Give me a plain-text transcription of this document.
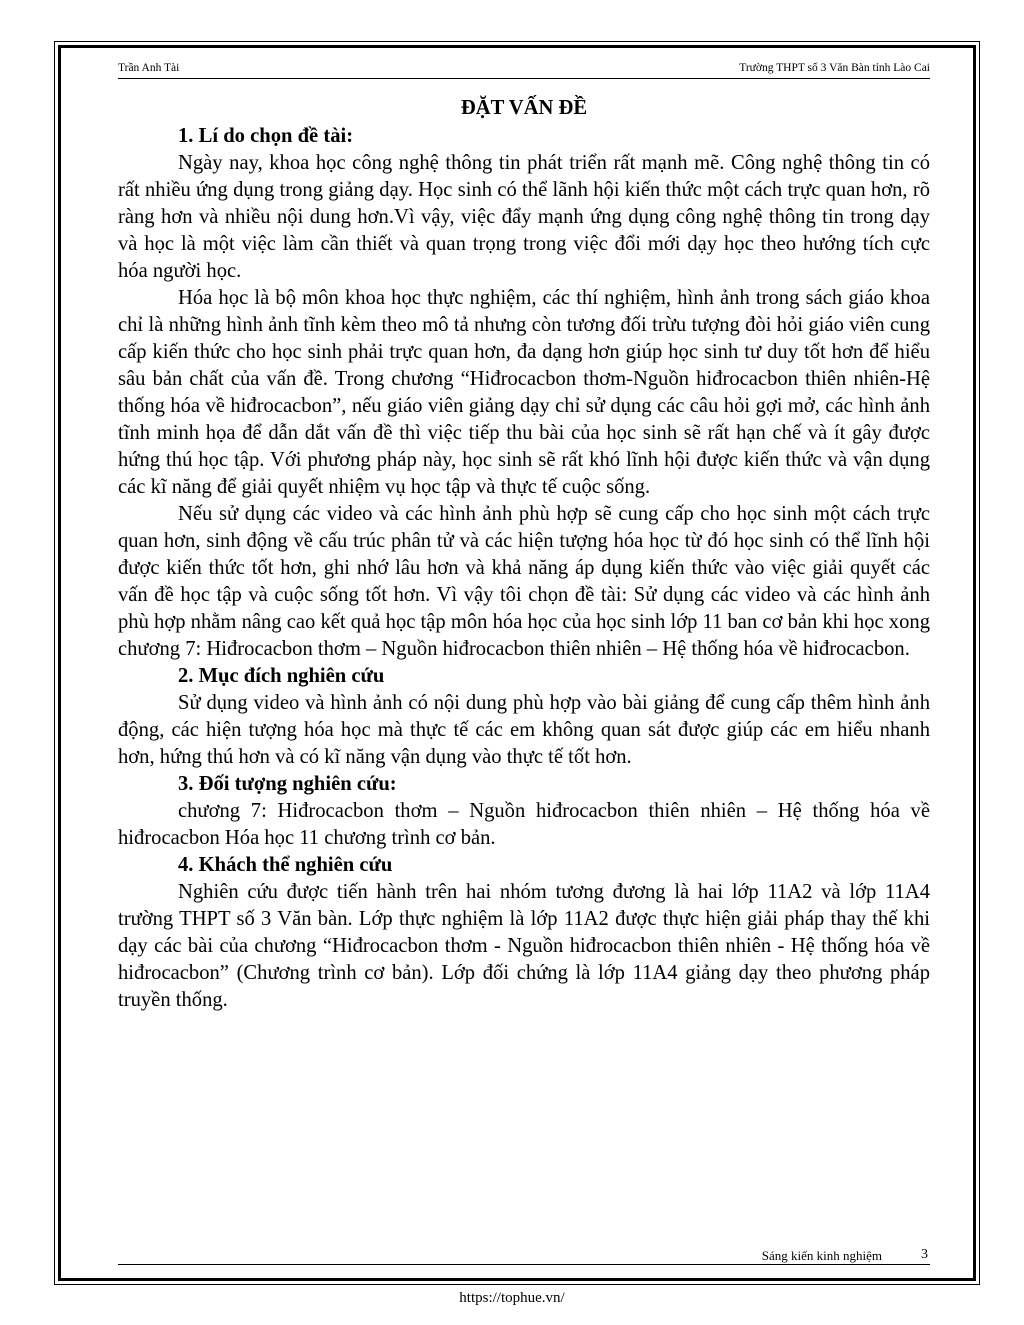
Trần Anh Tài	Trường THPT số 3 Văn Bàn tỉnh Lào Cai
ĐẶT VẤN ĐỀ
1. Lí do chọn đề tài:

Ngày nay, khoa học công nghệ thông tin phát triển rất mạnh mẽ. Công nghệ thông tin có rất nhiều ứng dụng trong giảng dạy. Học sinh có thể lãnh hội kiến thức một cách trực quan hơn, rõ ràng hơn và nhiều nội dung hơn.Vì vậy, việc đẩy mạnh ứng dụng công nghệ thông tin trong dạy và học là một việc làm cần thiết và quan trọng trong việc đổi mới dạy học theo hướng tích cực hóa người học.

Hóa học là bộ môn khoa học thực nghiệm, các thí nghiệm, hình ảnh trong sách giáo khoa chỉ là những hình ảnh tĩnh kèm theo mô tả nhưng còn tương đối trừu tượng đòi hỏi giáo viên cung cấp kiến thức cho học sinh phải trực quan hơn, đa dạng hơn giúp học sinh tư duy tốt hơn để hiểu sâu bản chất của vấn đề. Trong chương “Hiđrocacbon thơm-Nguồn hiđrocacbon thiên nhiên-Hệ thống hóa về hiđrocacbon”, nếu giáo viên giảng dạy chỉ sử dụng các câu hỏi gợi mở, các hình ảnh tĩnh minh họa để dẫn dắt vấn đề thì việc tiếp thu bài của học sinh sẽ rất hạn chế và ít gây được hứng thú học tập. Với phương pháp này, học sinh sẽ rất khó lĩnh hội được kiến thức và vận dụng các kĩ năng để giải quyết nhiệm vụ học tập và thực tế cuộc sống.

Nếu sử dụng các video và các hình ảnh phù hợp sẽ cung cấp cho học sinh một cách trực quan hơn, sinh động về cấu trúc phân tử và các hiện tượng hóa học từ đó học sinh có thể lĩnh hội được kiến thức tốt hơn, ghi nhớ lâu hơn và khả năng áp dụng kiến thức vào việc giải quyết các vấn đề học tập và cuộc sống tốt hơn. Vì vậy tôi chọn đề tài: Sử dụng các video và các hình ảnh phù hợp nhằm nâng cao kết quả học tập môn hóa học của học sinh lớp 11 ban cơ bản khi học xong chương 7: Hiđrocacbon thơm – Nguồn hiđrocacbon thiên nhiên – Hệ thống hóa về hiđrocacbon.

2. Mục đích nghiên cứu

Sử dụng video và hình ảnh có nội dung phù hợp vào bài giảng để cung cấp thêm hình ảnh động, các hiện tượng hóa học mà thực tế các em không quan sát được giúp các em hiểu nhanh hơn, hứng thú hơn và có kĩ năng vận dụng vào thực tế tốt hơn.

3. Đối tượng nghiên cứu:

chương 7: Hiđrocacbon thơm – Nguồn hiđrocacbon thiên nhiên – Hệ thống hóa về hiđrocacbon Hóa học 11 chương trình cơ bản.

4. Khách thể nghiên cứu

Nghiên cứu được tiến hành trên hai nhóm tương đương là hai lớp 11A2 và lớp 11A4 trường THPT số 3 Văn bàn. Lớp thực nghiệm là lớp 11A2 được thực hiện giải pháp thay thế khi dạy các bài của chương “Hiđrocacbon thơm - Nguồn hiđrocacbon thiên nhiên - Hệ thống hóa về hiđrocacbon” (Chương trình cơ bản). Lớp đối chứng là lớp 11A4 giảng dạy theo phương pháp truyền thống.

Sáng kiến kinh nghiệm	3
https://tophue.vn/
